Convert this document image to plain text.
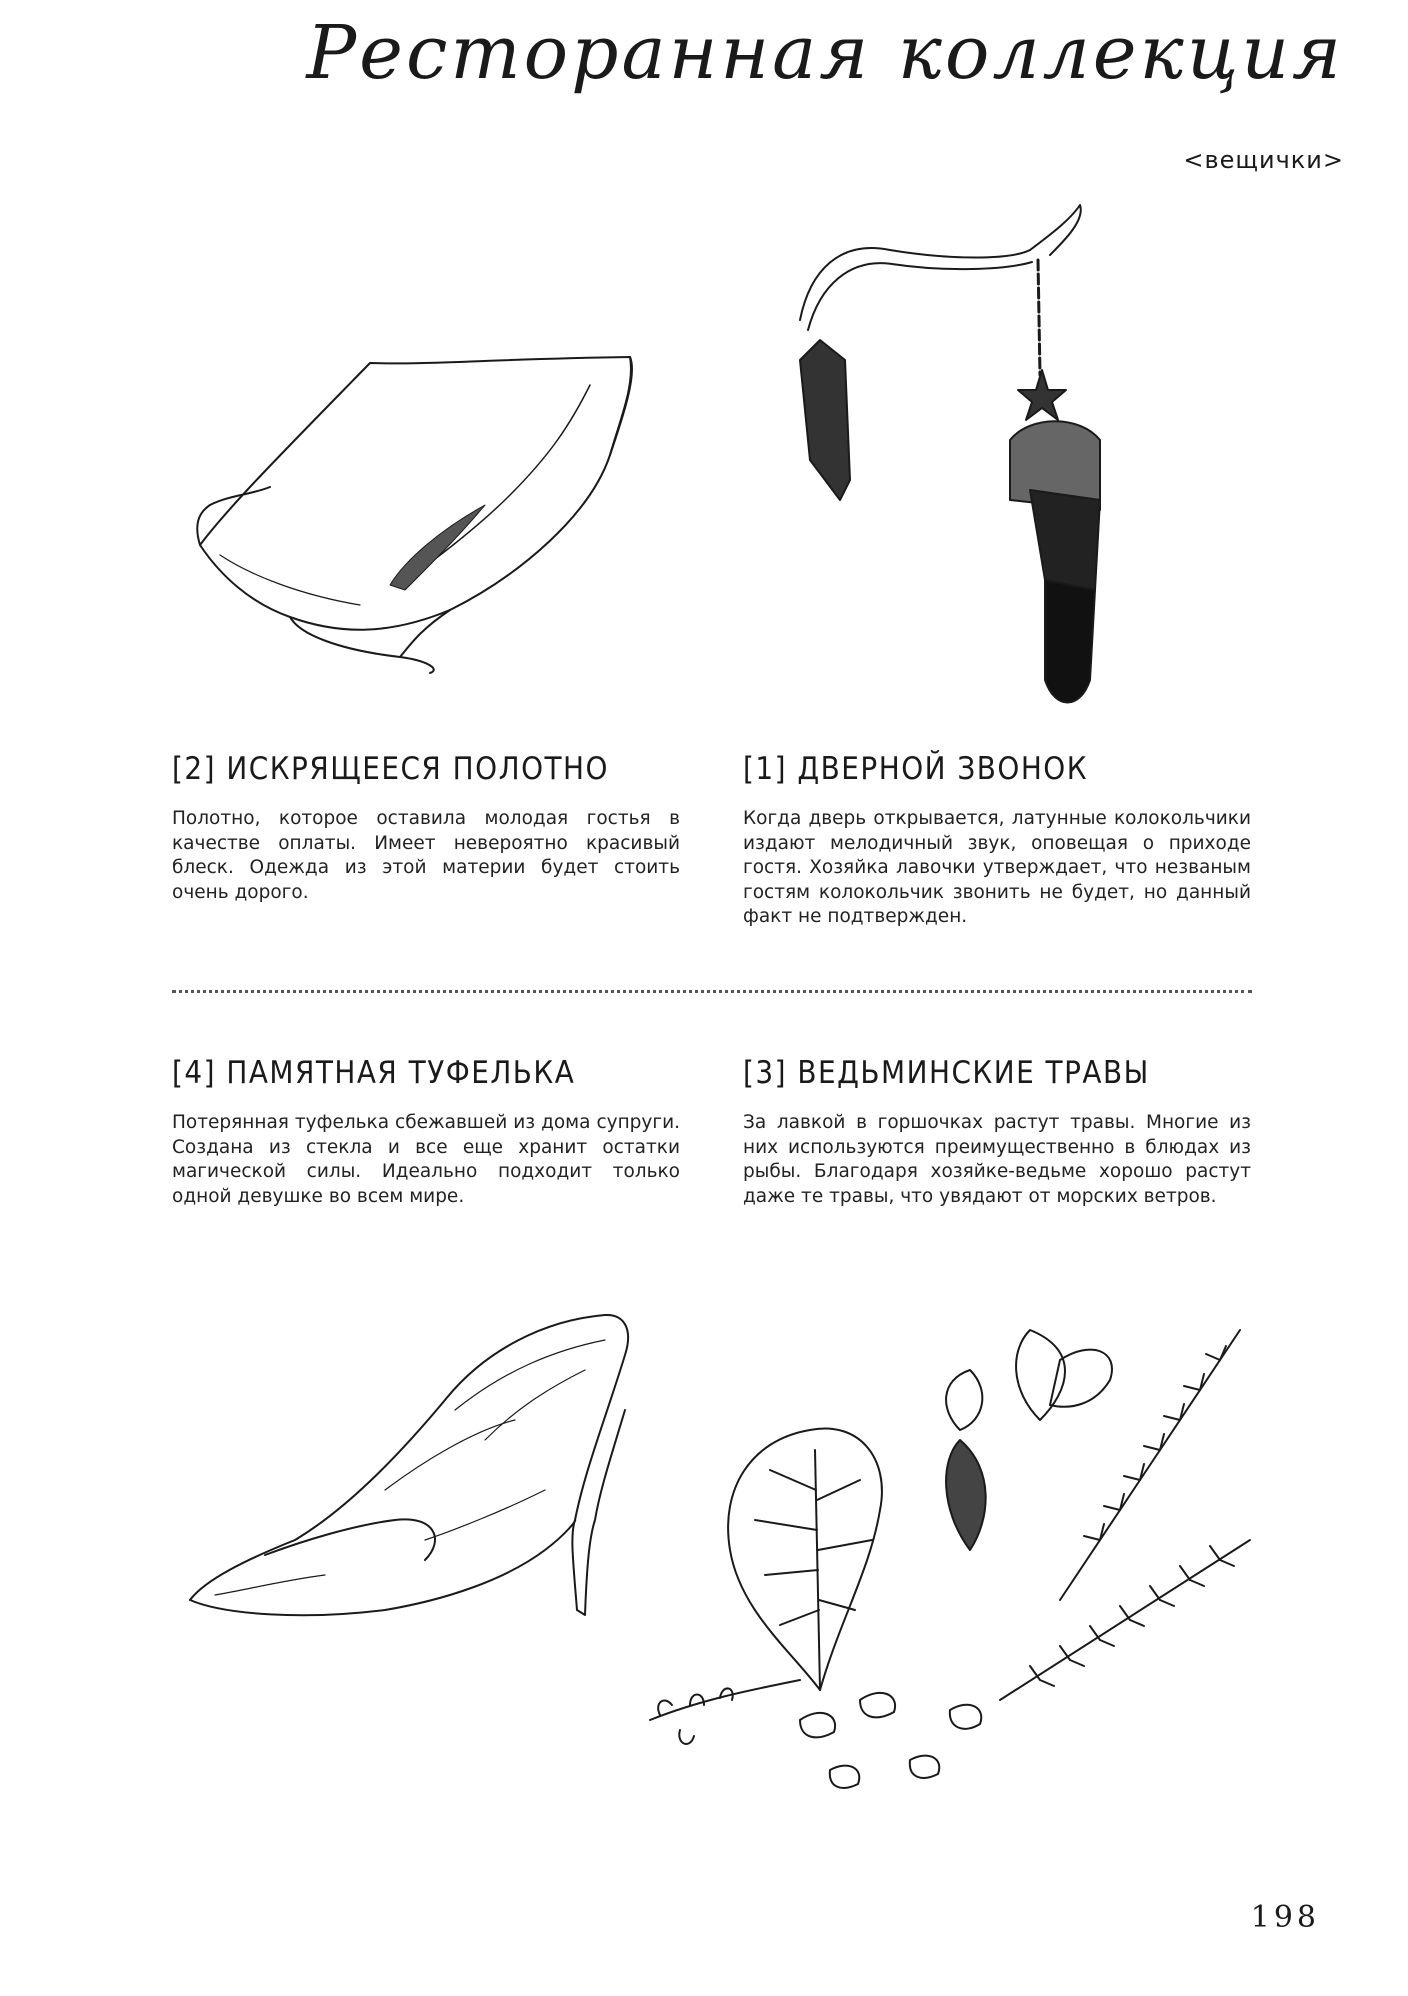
Ресторанная коллекция
<вещички>
[2] ИСКРЯЩЕЕСЯ ПОЛОТНО
Полотно, которое оставила молодая гостья в качестве оплаты. Имеет невероятно красивый блеск. Одежда из этой материи будет стоить очень дорого.
[1] ДВЕРНОЙ ЗВОНОК
Когда дверь открывается, латунные колокольчики издают мелодичный звук, оповещая о приходе гостя. Хозяйка лавочки утверждает, что незваным гостям колокольчик звонить не будет, но данный факт не подтвержден.
[4] ПАМЯТНАЯ ТУФЕЛЬКА
Потерянная туфелька сбежавшей из дома супруги. Создана из стекла и все еще хранит остатки магической силы. Идеально подходит только одной девушке во всем мире.
[3] ВЕДЬМИНСКИЕ ТРАВЫ
За лавкой в горшочках растут травы. Многие из них используются преимущественно в блюдах из рыбы. Благодаря хозяйке-ведьме хорошо растут даже те травы, что увядают от морских ветров.
198
